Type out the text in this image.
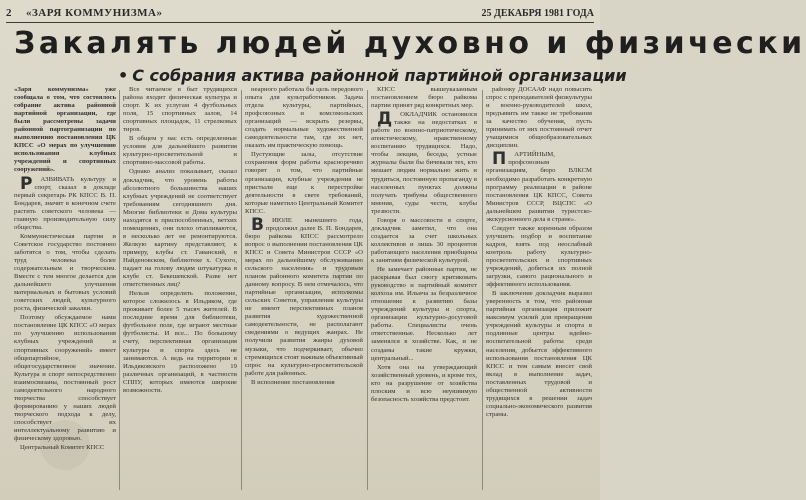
2	«ЗАРЯ КОММУНИЗМА»	25 ДЕКАБРЯ 1981 ГОДА
Закалять людей духовно и физически
• С собрания актива районной партийной организации

«Заря коммунизма» уже сообщала о том, что состоялось собрание актива районной партийной организации, где были рассмотрены задачи районной партогранизации по выполнению постановления ЦК КПСС «О мерах по улучшению использования клубных учреждений и спортивных сооружений».

Р АЗВИВАТЬ культуру и спорт, сказал в докладе первый секретарь РК КПСС В. П. Бондарев, значит в конечном счете растить советского человека — главную производительную силу общества.

Коммунистическая партия и Советское государство постоянно заботятся о том, чтобы сделать труд человека более содержательным и творческим. Вместе с тем многое делается для дальнейшего улучшения материальных и бытовых условий советских людей, культурного роста, физической закалки.

Поэтому обсуждаемое нами постановление ЦК КПСС «О мерах по улучшению использования клубных учреждений и спортивных сооружений» имеет общепартийное, общегосударственное значение. Культура и спорт непосредственно взаимосвязаны, постоянный рост самодеятельного народного творчества способствует формированию у наших людей творческого подхода к делу, способствует их интеллектуальному развитию и физическому здоровью.

Центральный Комитет КПСС

Все читаемое в быт трудящихся района входит физическая культура и спорт. К их услугам 4 футбольных поля, 15 спортивных залов, 14 спортивных площадок, 11 стрелковых тиров.

В общем у нас есть определенные условия для дальнейшего развития культурно-просветительной и спортивно-массовой работы.

Однако анализ показывает, сказал докладчик, что уровень работы абсолютного большинства наших клубных учреждений не соответствует требованиям сегодняшнего дня. Многие библиотеки и Дома культуры находятся в приспособленных, ветхих помещениях, они плохо отапливаются, в несколько лет не ремонтируются. Желкую картину представляют, к примеру, клубы ст. Гаванский, в Найденовском, библиотеке х. Сухого, падает на голову людям штукатурка в клубе ст. Бекешевской. Разве нет ответственных лиц?

Нельзя определить положение, которое сложилось в Ильдяком, где проживает более 5 тысяч жителей. В последние время для библиотеки, футбольное поле, где играют местные футболисты. И все... По большому счету, перспективная организация культуры и спорта здесь не занимаются. А ведь на территории в Ильдяковского расположено 19 различных организаций, в частности СППУ, которых имеются широкие возможности.

неарного работала бы цель передового опыта для культработников. Задача отдела культуры, партийных, профсоюзных и комсомольских организаций — вскрыть резервы, создать нормальные художественной самодеятельности там, где их нет, оказать им практическую помощь.

Пустующие залы, отсутствие сохранения форм работы красноречиво говорят о том, что партийные организации, клубные учреждения не пристыли еще к перестройке деятельности в свете требований, которые наметило Центральный Комитет КПСС.

В ИЮЛЕ нынешнего года, продолжил далее В. П. Бондарев, бюро райкома КПСС рассмотрело вопрос о выполнении постановления ЦК КПСС и Совета Министров СССР «О мерах по дальнейшему обслуживанию сельского населения» и трудовым планом районного комитета партии по данному вопросу. В нем отмечалось, что партийные организации, исполкомы сельских Советов, управления культуры не имеют перспективных планов развития художественной самодеятельности, не располагают сведениями о ведущих жанрах. Не получили развития жанры духовой музыки, что подчеркивает, обычно стремящихся стоят важным объективный спрос на культурно-просветительской работе для районных.

В исполнение постановления

КПСС вышеуказанным постановлением бюро райкома партии принят ряд конкретных мер.

Д ОКЛАДЧИК остановился также на недостатках в работе по военно-патриотическому, атеистическому, нравственному воспитанию трудящихся. Надо, чтобы лекции, беседы, устные журналы были бы бичевали тех, кто мешает людям нормально жить и трудиться, постоянную пропаганду в населенных пунктах должны получать трибуны общественного мнения, суды чести, клубы трезвости.

Говоря о массовости в спорте, докладчик заметил, что она создается за счет школьных коллективов и лишь 30 процентов работающего населения приобщены к занятиям физической культурой.

Не замечает районные партия, не раскрывая был смогу критиковать руководство и партийный комитет колхоза им. Ильича за безразличное отношение к развитию базы учреждений культуры и спорта, организации культурно-досуговой работы. Специалисты очень ответственные. Несколько лет заменялся в хозяйстве. Как, и не созданы такие кружки, центральный...

Хотя она на утверждающий хозяйственный уровень, и кроме тех, кто на разрушение от хозяйства плоским и всю неуязвимую безопасность хозяйства предстоит.

районку ДОСААФ надо повысить спрос с преподавателей физкультуры и военно-руководителей школ, предъявить им также не требования за качество обучения, пусть принимать от них постоянный отчет учащимися общеобразовательных дисциплин.

П АРТИЙНЫМ, профсоюзным организациям, бюро ВЛКСМ необходимо разработать конкретную программу реализации в районе постановления ЦК КПСС, Совета Министров СССР, ВЦСПС «О дальнейшем развитии туристско-экскурсионного дела в стране».

Следует также коренным образом улучшить подбор и воспитание кадров, взять под неослабный контроль работу культурно-просветительских и спортивных учреждений, добиться их полной загрузки, самого рационального и эффективного использования.

В заключение докладчик выразил уверенность в том, что районная партийная организация приложит максимум усилий для превращения учреждений культуры и спорта в подлинные центры идейно-воспитательной работы среди населения, добьется эффективного использования постановления ЦК КПСС и тем самым внесет свой вклад в выполнение задач, поставленных трудовой и общественной активности трудящихся в решении задач социально-экономического развития страны.
